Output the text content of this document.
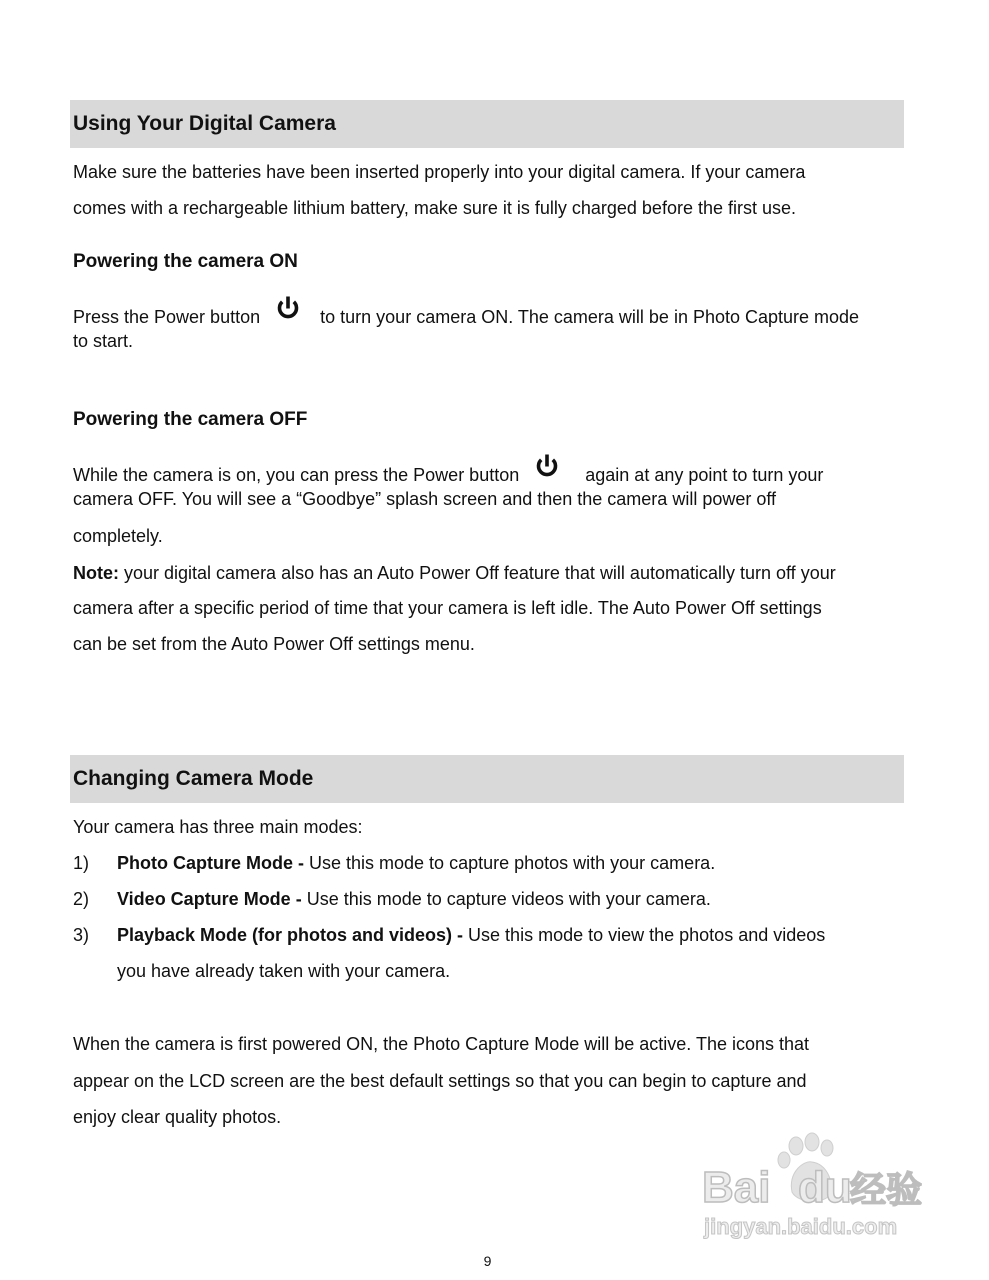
Using Your Digital Camera
Make sure the batteries have been inserted properly into your digital camera. If your camera
comes with a rechargeable lithium battery, make sure it is fully charged before the first use.
Powering the camera ON
Press the Power button	to turn your camera ON. The camera will be in Photo Capture mode
to start.
Powering the camera OFF
While the camera is on, you can press the Power button	again at any point to turn your
camera OFF. You will see a “Goodbye” splash screen and then the camera will power off
completely.
Note: your digital camera also has an Auto Power Off feature that will automatically turn off your
camera after a specific period of time that your camera is left idle. The Auto Power Off settings
can be set from the Auto Power Off settings menu.
Changing Camera Mode
Your camera has three main modes:
1) Photo Capture Mode - Use this mode to capture photos with your camera.
2) Video Capture Mode - Use this mode to capture videos with your camera.
3) Playback Mode (for photos and videos) - Use this mode to view the photos and videos
you have already taken with your camera.
When the camera is first powered ON, the Photo Capture Mode will be active. The icons that
appear on the LCD screen are the best default settings so that you can begin to capture and
enjoy clear quality photos.
Bai du
经验
jingyan.baidu.com
9
